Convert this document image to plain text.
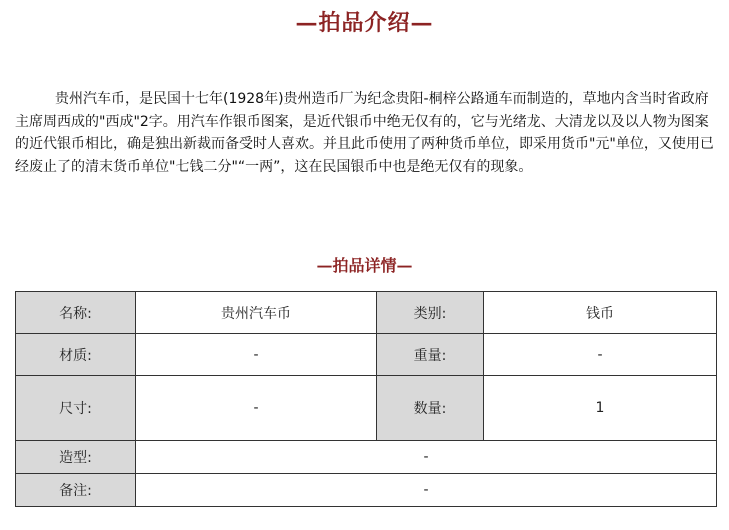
—拍品介绍—
贵州汽车币，是民国十七年(1928年)贵州造币厂为纪念贵阳-桐梓公路通车而制造的，草地内含当时省政府主席周西成的"西成"2字。用汽车作银币图案，是近代银币中绝无仅有的，它与光绪龙、大清龙以及以人物为图案的近代银币相比，确是独出新裁而备受时人喜欢。并且此币使用了两种货币单位，即采用货币"元"单位，又使用已经废止了的清末货币单位"七钱二分"“一两”，这在民国银币中也是绝无仅有的现象。
—拍品详情—
名称:	贵州汽车币	类别:	钱币
材质:	-	重量:	-
尺寸:	-	数量:	1
造型:	-		
备注:	-		
